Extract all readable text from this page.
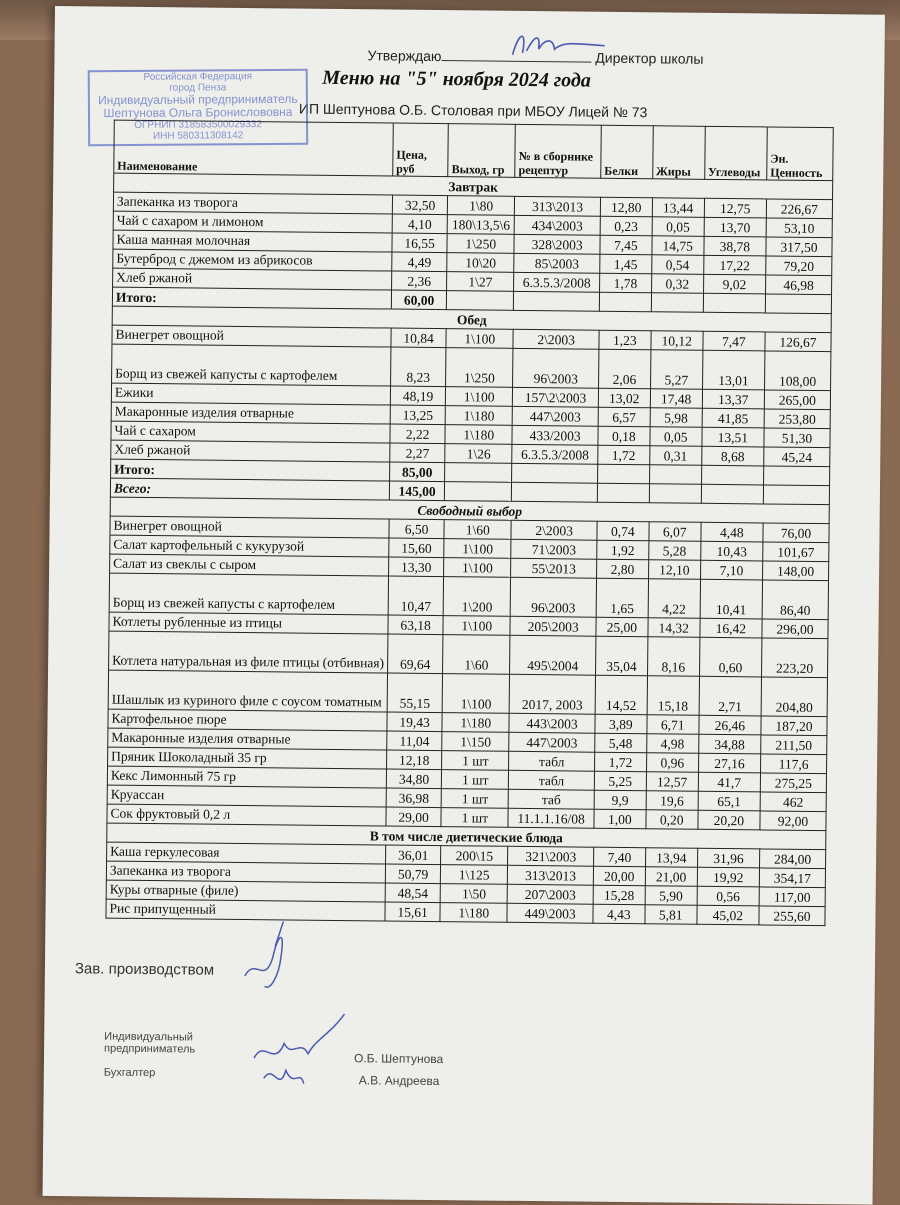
Утверждаю	Директор школы
Меню на "5" ноября 2024 года
ИП Шептунова О.Б. Столовая при МБОУ Лицей № 73
Российская Федерация
город Пенза
Индивидуальный предприниматель
Шептунова Ольга Бронислововна
ОГРНИП 318583500029332
ИНН 580311308142
Наименование	Цена, руб	Выход, гр	№ в сборнике рецептур	Белки	Жиры	Углеводы	Эн. Ценность
Завтрак							
Запеканка из творога	32,50	1\80	313\2013	12,80	13,44	12,75	226,67
Чай с сахаром и лимоном	4,10	180\13,5\6	434\2003	0,23	0,05	13,70	53,10
Каша манная молочная	16,55	1\250	328\2003	7,45	14,75	38,78	317,50
Бутерброд с джемом из абрикосов	4,49	10\20	85\2003	1,45	0,54	17,22	79,20
Хлеб ржаной	2,36	1\27	6.3.5.3/2008	1,78	0,32	9,02	46,98
Итого:	60,00						
Обед							
Винегрет овощной	10,84	1\100	2\2003	1,23	10,12	7,47	126,67
Борщ из свежей капусты с картофелем	8,23	1\250	96\2003	2,06	5,27	13,01	108,00
Ежики	48,19	1\100	157\2\2003	13,02	17,48	13,37	265,00
Макаронные изделия отварные	13,25	1\180	447\2003	6,57	5,98	41,85	253,80
Чай с сахаром	2,22	1\180	433/2003	0,18	0,05	13,51	51,30
Хлеб ржаной	2,27	1\26	6.3.5.3/2008	1,72	0,31	8,68	45,24
Итого:	85,00						
Всего:	145,00						
Свободный выбор							
Винегрет овощной	6,50	1\60	2\2003	0,74	6,07	4,48	76,00
Салат картофельный с кукурузой	15,60	1\100	71\2003	1,92	5,28	10,43	101,67
Салат из свеклы с сыром	13,30	1\100	55\2013	2,80	12,10	7,10	148,00
Борщ из свежей капусты с картофелем	10,47	1\200	96\2003	1,65	4,22	10,41	86,40
Котлеты рубленные из птицы	63,18	1\100	205\2003	25,00	14,32	16,42	296,00
Котлета натуральная из филе птицы (отбивная)	69,64	1\60	495\2004	35,04	8,16	0,60	223,20
Шашлык из куриного филе с соусом томатным	55,15	1\100	2017, 2003	14,52	15,18	2,71	204,80
Картофельное пюре	19,43	1\180	443\2003	3,89	6,71	26,46	187,20
Макаронные изделия отварные	11,04	1\150	447\2003	5,48	4,98	34,88	211,50
Пряник Шоколадный 35 гр	12,18	1 шт	табл	1,72	0,96	27,16	117,6
Кекс Лимонный 75 гр	34,80	1 шт	табл	5,25	12,57	41,7	275,25
Круассан	36,98	1 шт	таб	9,9	19,6	65,1	462
Сок фруктовый 0,2 л	29,00	1 шт	11.1.1.16/08	1,00	0,20	20,20	92,00
В том числе диетические блюда							
Каша геркулесовая	36,01	200\15	321\2003	7,40	13,94	31,96	284,00
Запеканка из творога	50,79	1\125	313\2013	20,00	21,00	19,92	354,17
Куры отварные (филе)	48,54	1\50	207\2003	15,28	5,90	0,56	117,00
Рис припущенный	15,61	1\180	449\2003	4,43	5,81	45,02	255,60
Зав. производством
Индивидуальный предприниматель
О.Б. Шептунова
Бухгалтер
А.В. Андреева
